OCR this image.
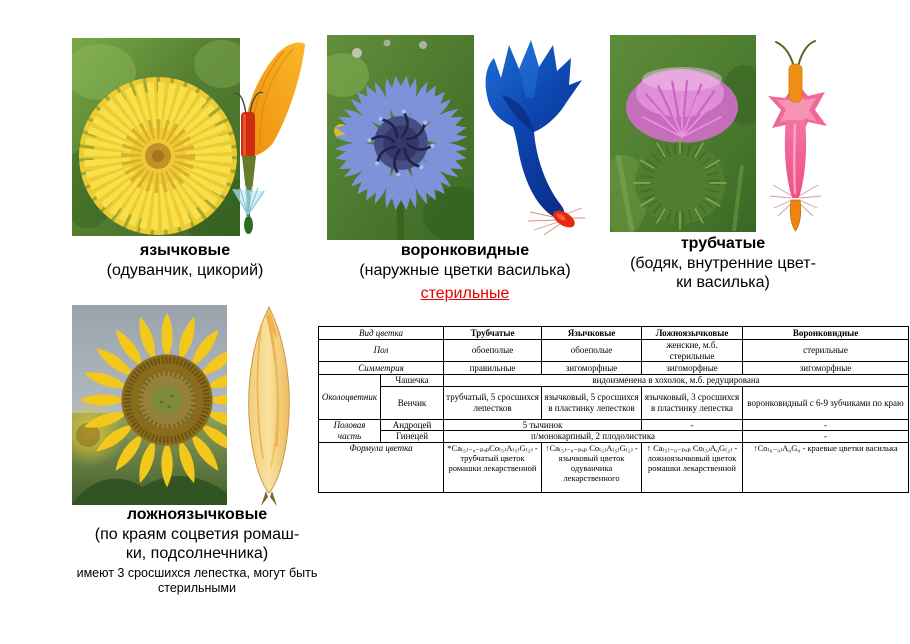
язычковые
(одуванчик, цикорий)
воронковидные
(наружные цветки василька)
стерильные
трубчатые
(бодяк, внутренние цвет-ки василька)
ложноязычковые
(по краям соцветия ромаш-ки, подсолнечника)
имеют 3 сросшихся лепестка, могут быть стерильными
Вид цветка		Трубчатые	Язычковые	Ложноязычковые	Воронковидные
Пол		обоеполые	обоеполые	женские, м.б. стерильные	стерильные
Симметрия		правильные	зигоморфные	зигоморфные	зигоморфные
Околоцветник	Чашечка	видоизменена в хохолок, м.б. редуцирована			
	Венчик	трубчатый, 5 сросшихся лепестков	язычковый, 5 сросшихся в пластинку лепестков	язычковый, 3 сросшихся в пластинку лепестка	воронковидный с 6-9 зубчиками по краю
Половая часть	Андроцей	5 тычинок		-	-
	Гинецей	п/монокарпный, 2 плодолистика			-
Формула цветка		*Ca₍₅₎₋₀₋ₚₐₚCo₍₅₎A₍₅₎G₍₂₎ - трубчатый цветок ромашки лекарственной	↑Ca₍₅₎₋₀₋ₚₐₚ Co₍₅₎A₍₅₎G₍₂₎ - язычковый цветок одуванчика лекарственного	↑ Ca₍₅₎₋₀₋ₚₐₚ Co₍₃₎A₀G₍₂₎ - ложноязычковый цветок ромашки лекарственной	↑Co₍₆₋₉₎A₀G₀ - краевые цветки василька
